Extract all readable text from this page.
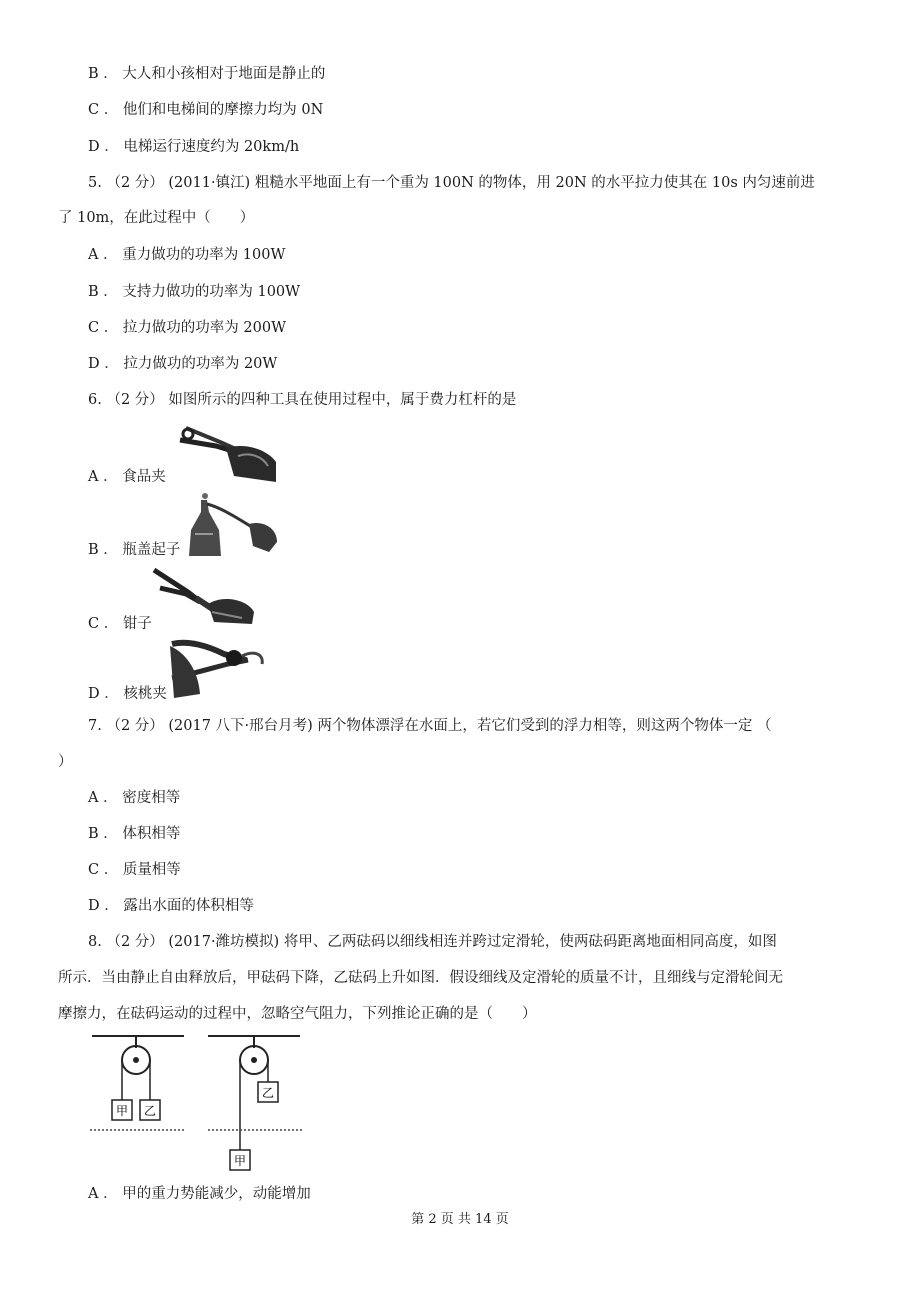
B ． 大人和小孩相对于地面是静止的
C ． 他们和电梯间的摩擦力均为 0N
D ． 电梯运行速度约为 20km/h
5. （2 分） (2011·镇江) 粗糙水平地面上有一个重为 100N 的物体，用 20N 的水平拉力使其在 10s 内匀速前进
了 10m，在此过程中（　　）
A ． 重力做功的功率为 100W
B ． 支持力做功的功率为 100W
C ． 拉力做功的功率为 200W
D ． 拉力做功的功率为 20W
6. （2 分） 如图所示的四种工具在使用过程中，属于费力杠杆的是
A ． 食品夹
B ． 瓶盖起子
C ． 钳子
D ． 核桃夹
7. （2 分） (2017 八下·邢台月考) 两个物体漂浮在水面上，若它们受到的浮力相等，则这两个物体一定 （
）
A ． 密度相等
B ． 体积相等
C ． 质量相等
D ． 露出水面的体积相等
8. （2 分） (2017·潍坊模拟) 将甲、乙两砝码以细线相连并跨过定滑轮，使两砝码距离地面相同高度，如图
所示．当由静止自由释放后，甲砝码下降，乙砝码上升如图．假设细线及定滑轮的质量不计，且细线与定滑轮间无
摩擦力，在砝码运动的过程中，忽略空气阻力，下列推论正确的是（　　）
甲 乙
乙
甲
A ． 甲的重力势能减少，动能增加
第 2 页 共 14 页
